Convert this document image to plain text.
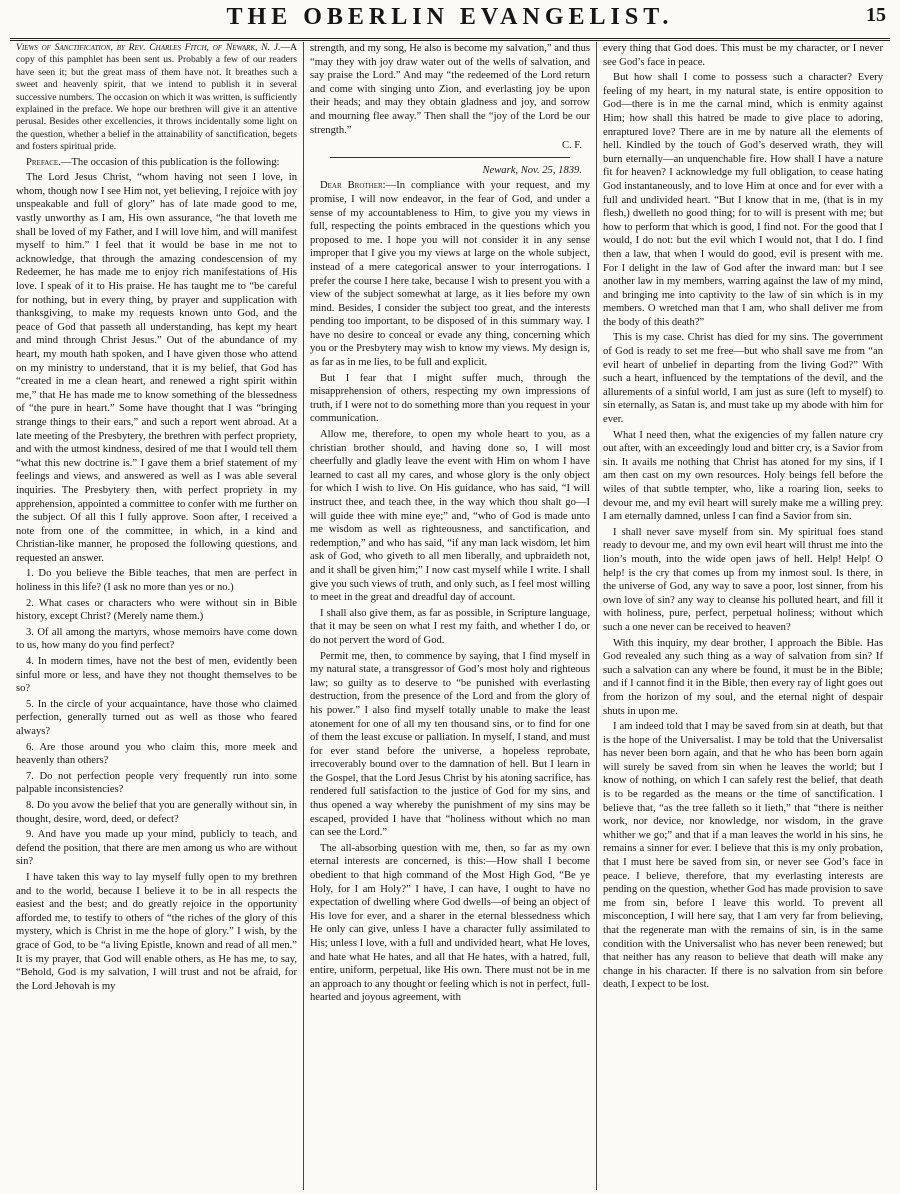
THE OBERLIN EVANGELIST.	15

Views of Sanctification, by Rev. Charles Fitch, of Newark, N. J.—A copy of this pamphlet has been sent us. Probably a few of our readers have seen it; but the great mass of them have not. It breathes such a sweet and heavenly spirit, that we intend to publish it in several successive numbers. The occasion on which it was written, is sufficiently explained in the preface. We hope our brethren will give it an attentive perusal. Besides other excellencies, it throws incidentally some light on the question, whether a belief in the attainability of sanctification, begets and fosters spiritual pride.

Preface.—The occasion of this publication is the following:

The Lord Jesus Christ, “whom having not seen I love, in whom, though now I see Him not, yet believing, I rejoice with joy unspeakable and full of glory” has of late made good to me, vastly unworthy as I am, His own assurance, “he that loveth me shall be loved of my Father, and I will love him, and will manifest myself to him.” I feel that it would be base in me not to acknowledge, that through the amazing condescension of my Redeemer, he has made me to enjoy rich manifestations of His love. I speak of it to His praise. He has taught me to “be careful for nothing, but in every thing, by prayer and supplication with thanksgiving, to make my requests known unto God, and the peace of God that passeth all understanding, has kept my heart and mind through Christ Jesus.” Out of the abundance of my heart, my mouth hath spoken, and I have given those who attend on my ministry to understand, that it is my belief, that God has “created in me a clean heart, and renewed a right spirit within me,” that He has made me to know something of the blessedness of “the pure in heart.” Some have thought that I was “bringing strange things to their ears,” and such a report went abroad. At a late meeting of the Presbytery, the brethren with perfect propriety, and with the utmost kindness, desired of me that I would tell them “what this new doctrine is.” I gave them a brief statement of my feelings and views, and answered as well as I was able several inquiries. The Presbytery then, with perfect propriety in my apprehension, appointed a committee to confer with me further on the subject. Of all this I fully approve. Soon after, I received a note from one of the committee, in which, in a kind and Christian-like manner, he proposed the following questions, and requested an answer.

1. Do you believe the Bible teaches, that men are perfect in holiness in this life? (I ask no more than yes or no.)

2. What cases or characters who were without sin in Bible history, except Christ? (Merely name them.)

3. Of all among the martyrs, whose memoirs have come down to us, how many do you find perfect?

4. In modern times, have not the best of men, evidently been sinful more or less, and have they not thought themselves to be so?

5. In the circle of your acquaintance, have those who claimed perfection, generally turned out as well as those who feared always?

6. Are those around you who claim this, more meek and heavenly than others?

7. Do not perfection people very frequently run into some palpable inconsistencies?

8. Do you avow the belief that you are generally without sin, in thought, desire, word, deed, or defect?

9. And have you made up your mind, publicly to teach, and defend the position, that there are men among us who are without sin?

I have taken this way to lay myself fully open to my brethren and to the world, because I believe it to be in all respects the easiest and the best; and do greatly rejoice in the opportunity afforded me, to testify to others of “the riches of the glory of this mystery, which is Christ in me the hope of glory.” I wish, by the grace of God, to be “a living Epistle, known and read of all men.” It is my prayer, that God will enable others, as He has me, to say, “Behold, God is my salvation, I will trust and not be afraid, for the Lord Jehovah is my

strength, and my song, He also is become my salvation,” and thus “may they with joy draw water out of the wells of salvation, and say praise the Lord.” And may “the redeemed of the Lord return and come with singing unto Zion, and everlasting joy be upon their heads; and may they obtain gladness and joy, and sorrow and mourning flee away.” Then shall the “joy of the Lord be our strength.”

C. F.
Newark, Nov. 25, 1839.

Dear Brother:—In compliance with your request, and my promise, I will now endeavor, in the fear of God, and under a sense of my accountableness to Him, to give you my views in full, respecting the points embraced in the questions which you proposed to me. I hope you will not consider it in any sense improper that I give you my views at large on the whole subject, instead of a mere categorical answer to your interrogations. I prefer the course I here take, because I wish to present you with a view of the subject somewhat at large, as it lies before my own mind. Besides, I consider the subject too great, and the interests pending too important, to be disposed of in this summary way. I have no desire to conceal or evade any thing, concerning which you or the Presbytery may wish to know my views. My design is, as far as in me lies, to be full and explicit.

But I fear that I might suffer much, through the misapprehension of others, respecting my own impressions of truth, if I were not to do something more than you request in your communication.

Allow me, therefore, to open my whole heart to you, as a christian brother should, and having done so, I will most cheerfully and gladly leave the event with Him on whom I have learned to cast all my cares, and whose glory is the only object for which I wish to live. On His guidance, who has said, “I will instruct thee, and teach thee, in the way which thou shalt go—I will guide thee with mine eye;” and, “who of God is made unto me wisdom as well as righteousness, and sanctification, and redemption,” and who has said, “if any man lack wisdom, let him ask of God, who giveth to all men liberally, and upbraideth not, and it shall be given him;” I now cast myself while I write. I shall give you such views of truth, and only such, as I feel most willing to meet in the great and dreadful day of account.

I shall also give them, as far as possible, in Scripture language, that it may be seen on what I rest my faith, and whether I do, or do not pervert the word of God.

Permit me, then, to commence by saying, that I find myself in my natural state, a transgressor of God’s most holy and righteous law; so guilty as to deserve to “be punished with everlasting destruction, from the presence of the Lord and from the glory of his power.” I also find myself totally unable to make the least atonement for one of all my ten thousand sins, or to find for one of them the least excuse or palliation. In myself, I stand, and must for ever stand before the universe, a hopeless reprobate, irrecoverably bound over to the damnation of hell. But I learn in the Gospel, that the Lord Jesus Christ by his atoning sacrifice, has rendered full satisfaction to the justice of God for my sins, and thus opened a way whereby the punishment of my sins may be escaped, provided I have that “holiness without which no man can see the Lord.”

The all-absorbing question with me, then, so far as my own eternal interests are concerned, is this:—How shall I become obedient to that high command of the Most High God, “Be ye Holy, for I am Holy?” I have, I can have, I ought to have no expectation of dwelling where God dwells—of being an object of His love for ever, and a sharer in the eternal blessedness which He only can give, unless I have a character fully assimilated to His; unless I love, with a full and undivided heart, what He loves, and hate what He hates, and all that He hates, with a hatred, full, entire, uniform, perpetual, like His own. There must not be in me an approach to any thought or feeling which is not in perfect, full-hearted and joyous agreement, with

every thing that God does. This must be my character, or I never see God’s face in peace.

But how shall I come to possess such a character? Every feeling of my heart, in my natural state, is entire opposition to God—there is in me the carnal mind, which is enmity against Him; how shall this hatred be made to give place to adoring, enraptured love? There are in me by nature all the elements of hell. Kindled by the touch of God’s deserved wrath, they will burn eternally—an unquenchable fire. How shall I have a nature fit for heaven? I acknowledge my full obligation, to cease hating God instantaneously, and to love Him at once and for ever with a full and undivided heart. “But I know that in me, (that is in my flesh,) dwelleth no good thing; for to will is present with me; but how to perform that which is good, I find not. For the good that I would, I do not: but the evil which I would not, that I do. I find then a law, that when I would do good, evil is present with me. For I delight in the law of God after the inward man: but I see another law in my members, warring against the law of my mind, and bringing me into captivity to the law of sin which is in my members. O wretched man that I am, who shall deliver me from the body of this death?”

This is my case. Christ has died for my sins. The government of God is ready to set me free—but who shall save me from “an evil heart of unbelief in departing from the living God?” With such a heart, influenced by the temptations of the devil, and the allurements of a sinful world, I am just as sure (left to myself) to sin eternally, as Satan is, and must take up my abode with him for ever.

What I need then, what the exigencies of my fallen nature cry out after, with an exceedingly loud and bitter cry, is a Savior from sin. It avails me nothing that Christ has atoned for my sins, if I am then cast on my own resources. Holy beings fell before the wiles of that subtle tempter, who, like a roaring lion, seeks to devour me, and my evil heart will surely make me a willing prey. I am eternally damned, unless I can find a Savior from sin.

I shall never save myself from sin. My spiritual foes stand ready to devour me, and my own evil heart will thrust me into the lion’s mouth, into the wide open jaws of hell. Help! Help! O help! is the cry that comes up from my inmost soul. Is there, in the universe of God, any way to save a poor, lost sinner, from his own love of sin? any way to cleanse his polluted heart, and fill it with holiness, pure, perfect, perpetual holiness; without which such a one never can be received to heaven?

With this inquiry, my dear brother, I approach the Bible. Has God revealed any such thing as a way of salvation from sin? If such a salvation can any where be found, it must be in the Bible; and if I cannot find it in the Bible, then every ray of light goes out from the horizon of my soul, and the eternal night of despair shuts in upon me.

I am indeed told that I may be saved from sin at death, but that is the hope of the Universalist. I may be told that the Universalist has never been born again, and that he who has been born again will surely be saved from sin when he leaves the world; but I know of nothing, on which I can safely rest the belief, that death is to be regarded as the means or the time of sanctification. I believe that, “as the tree falleth so it lieth,” that “there is neither work, nor device, nor knowledge, nor wisdom, in the grave whither we go;” and that if a man leaves the world in his sins, he remains a sinner for ever. I believe that this is my only probation, that I must here be saved from sin, or never see God’s face in peace. I believe, therefore, that my everlasting interests are pending on the question, whether God has made provision to save me from sin, before I leave this world. To prevent all misconception, I will here say, that I am very far from believing, that the regenerate man with the remains of sin, is in the same condition with the Universalist who has never been renewed; but that neither has any reason to believe that death will make any change in his character. If there is no salvation from sin before death, I expect to be lost.
